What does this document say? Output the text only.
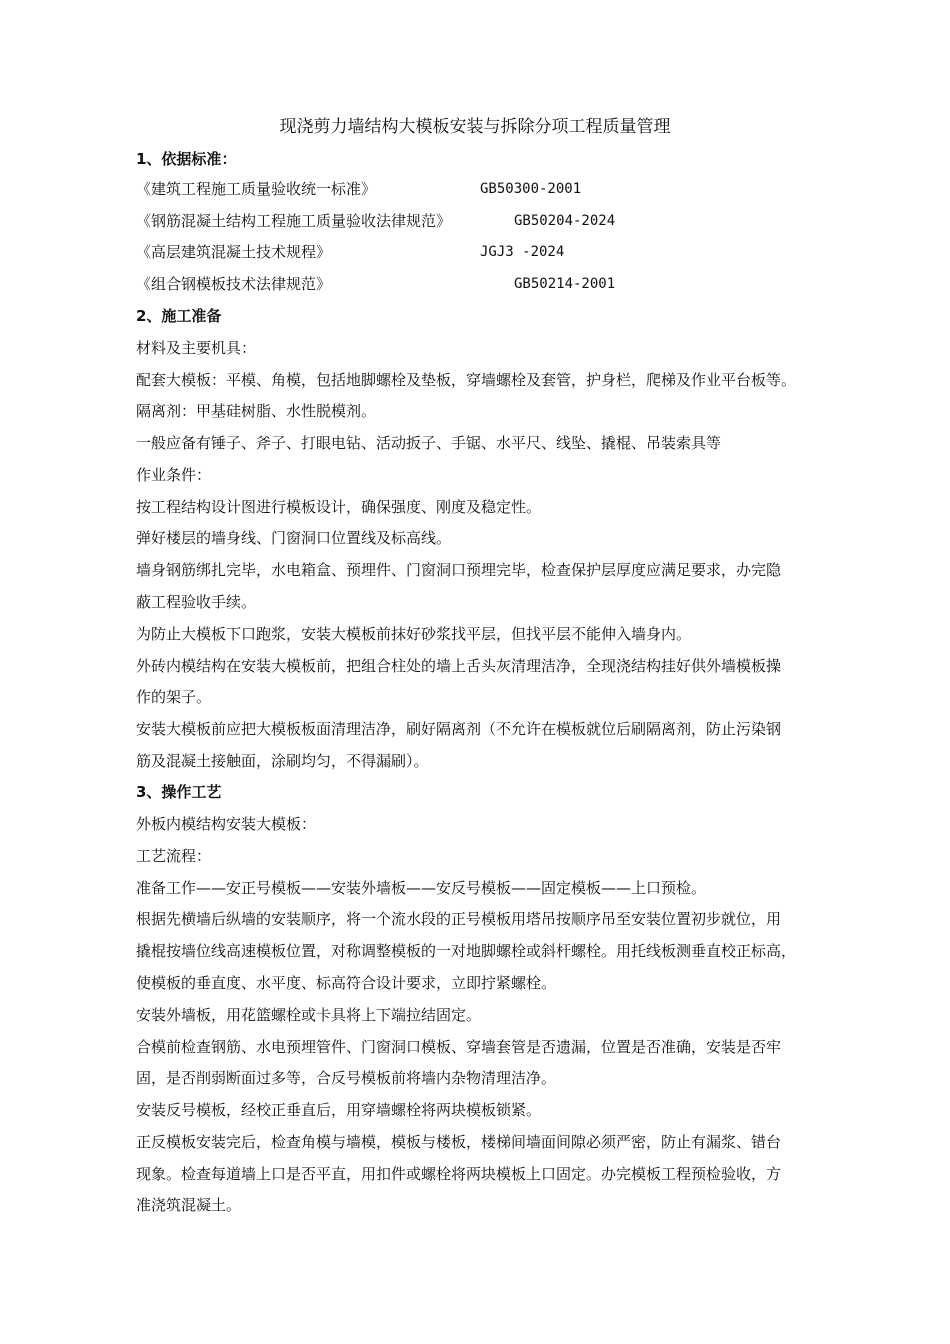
现浇剪力墙结构大模板安装与拆除分项工程质量管理
1、依据标准：
《建筑工程施工质量验收统一标准》	GB50300-2001
《钢筋混凝土结构工程施工质量验收法律规范》	GB50204-2024
《高层建筑混凝土技术规程》	JGJ3 -2024
《组合钢模板技术法律规范》	GB50214-2001
2、施工准备
材料及主要机具：
配套大模板：平模、角模，包括地脚螺栓及垫板，穿墙螺栓及套管，护身栏，爬梯及作业平台板等。
隔离剂：甲基硅树脂、水性脱模剂。
一般应备有锤子、斧子、打眼电钻、活动扳子、手锯、水平尺、线坠、撬棍、吊装索具等
作业条件：
按工程结构设计图进行模板设计，确保强度、刚度及稳定性。
弹好楼层的墙身线、门窗洞口位置线及标高线。
墙身钢筋绑扎完毕，水电箱盒、预埋件、门窗洞口预埋完毕，检查保护层厚度应满足要求，办完隐
蔽工程验收手续。
为防止大模板下口跑浆，安装大模板前抹好砂浆找平层，但找平层不能伸入墙身内。
外砖内模结构在安装大模板前，把组合柱处的墙上舌头灰清理洁净，全现浇结构挂好供外墙模板操
作的架子。
安装大模板前应把大模板板面清理洁净，刷好隔离剂（不允许在模板就位后刷隔离剂，防止污染钢
筋及混凝土接触面，涂刷均匀，不得漏刷）。
3、操作工艺
外板内模结构安装大模板：
工艺流程：
准备工作——安正号模板——安装外墙板——安反号模板——固定模板——上口预检。
根据先横墙后纵墙的安装顺序，将一个流水段的正号模板用塔吊按顺序吊至安装位置初步就位，用
撬棍按墙位线高速模板位置，对称调整模板的一对地脚螺栓或斜杆螺栓。用托线板测垂直校正标高，
使模板的垂直度、水平度、标高符合设计要求，立即拧紧螺栓。
安装外墙板，用花篮螺栓或卡具将上下端拉结固定。
合模前检查钢筋、水电预埋管件、门窗洞口模板、穿墙套管是否遗漏，位置是否准确，安装是否牢
固，是否削弱断面过多等，合反号模板前将墙内杂物清理洁净。
安装反号模板，经校正垂直后，用穿墙螺栓将两块模板锁紧。
正反模板安装完后，检查角模与墙模，模板与楼板，楼梯间墙面间隙必须严密，防止有漏浆、错台
现象。检查每道墙上口是否平直，用扣件或螺栓将两块模板上口固定。办完模板工程预检验收，方
准浇筑混凝土。
